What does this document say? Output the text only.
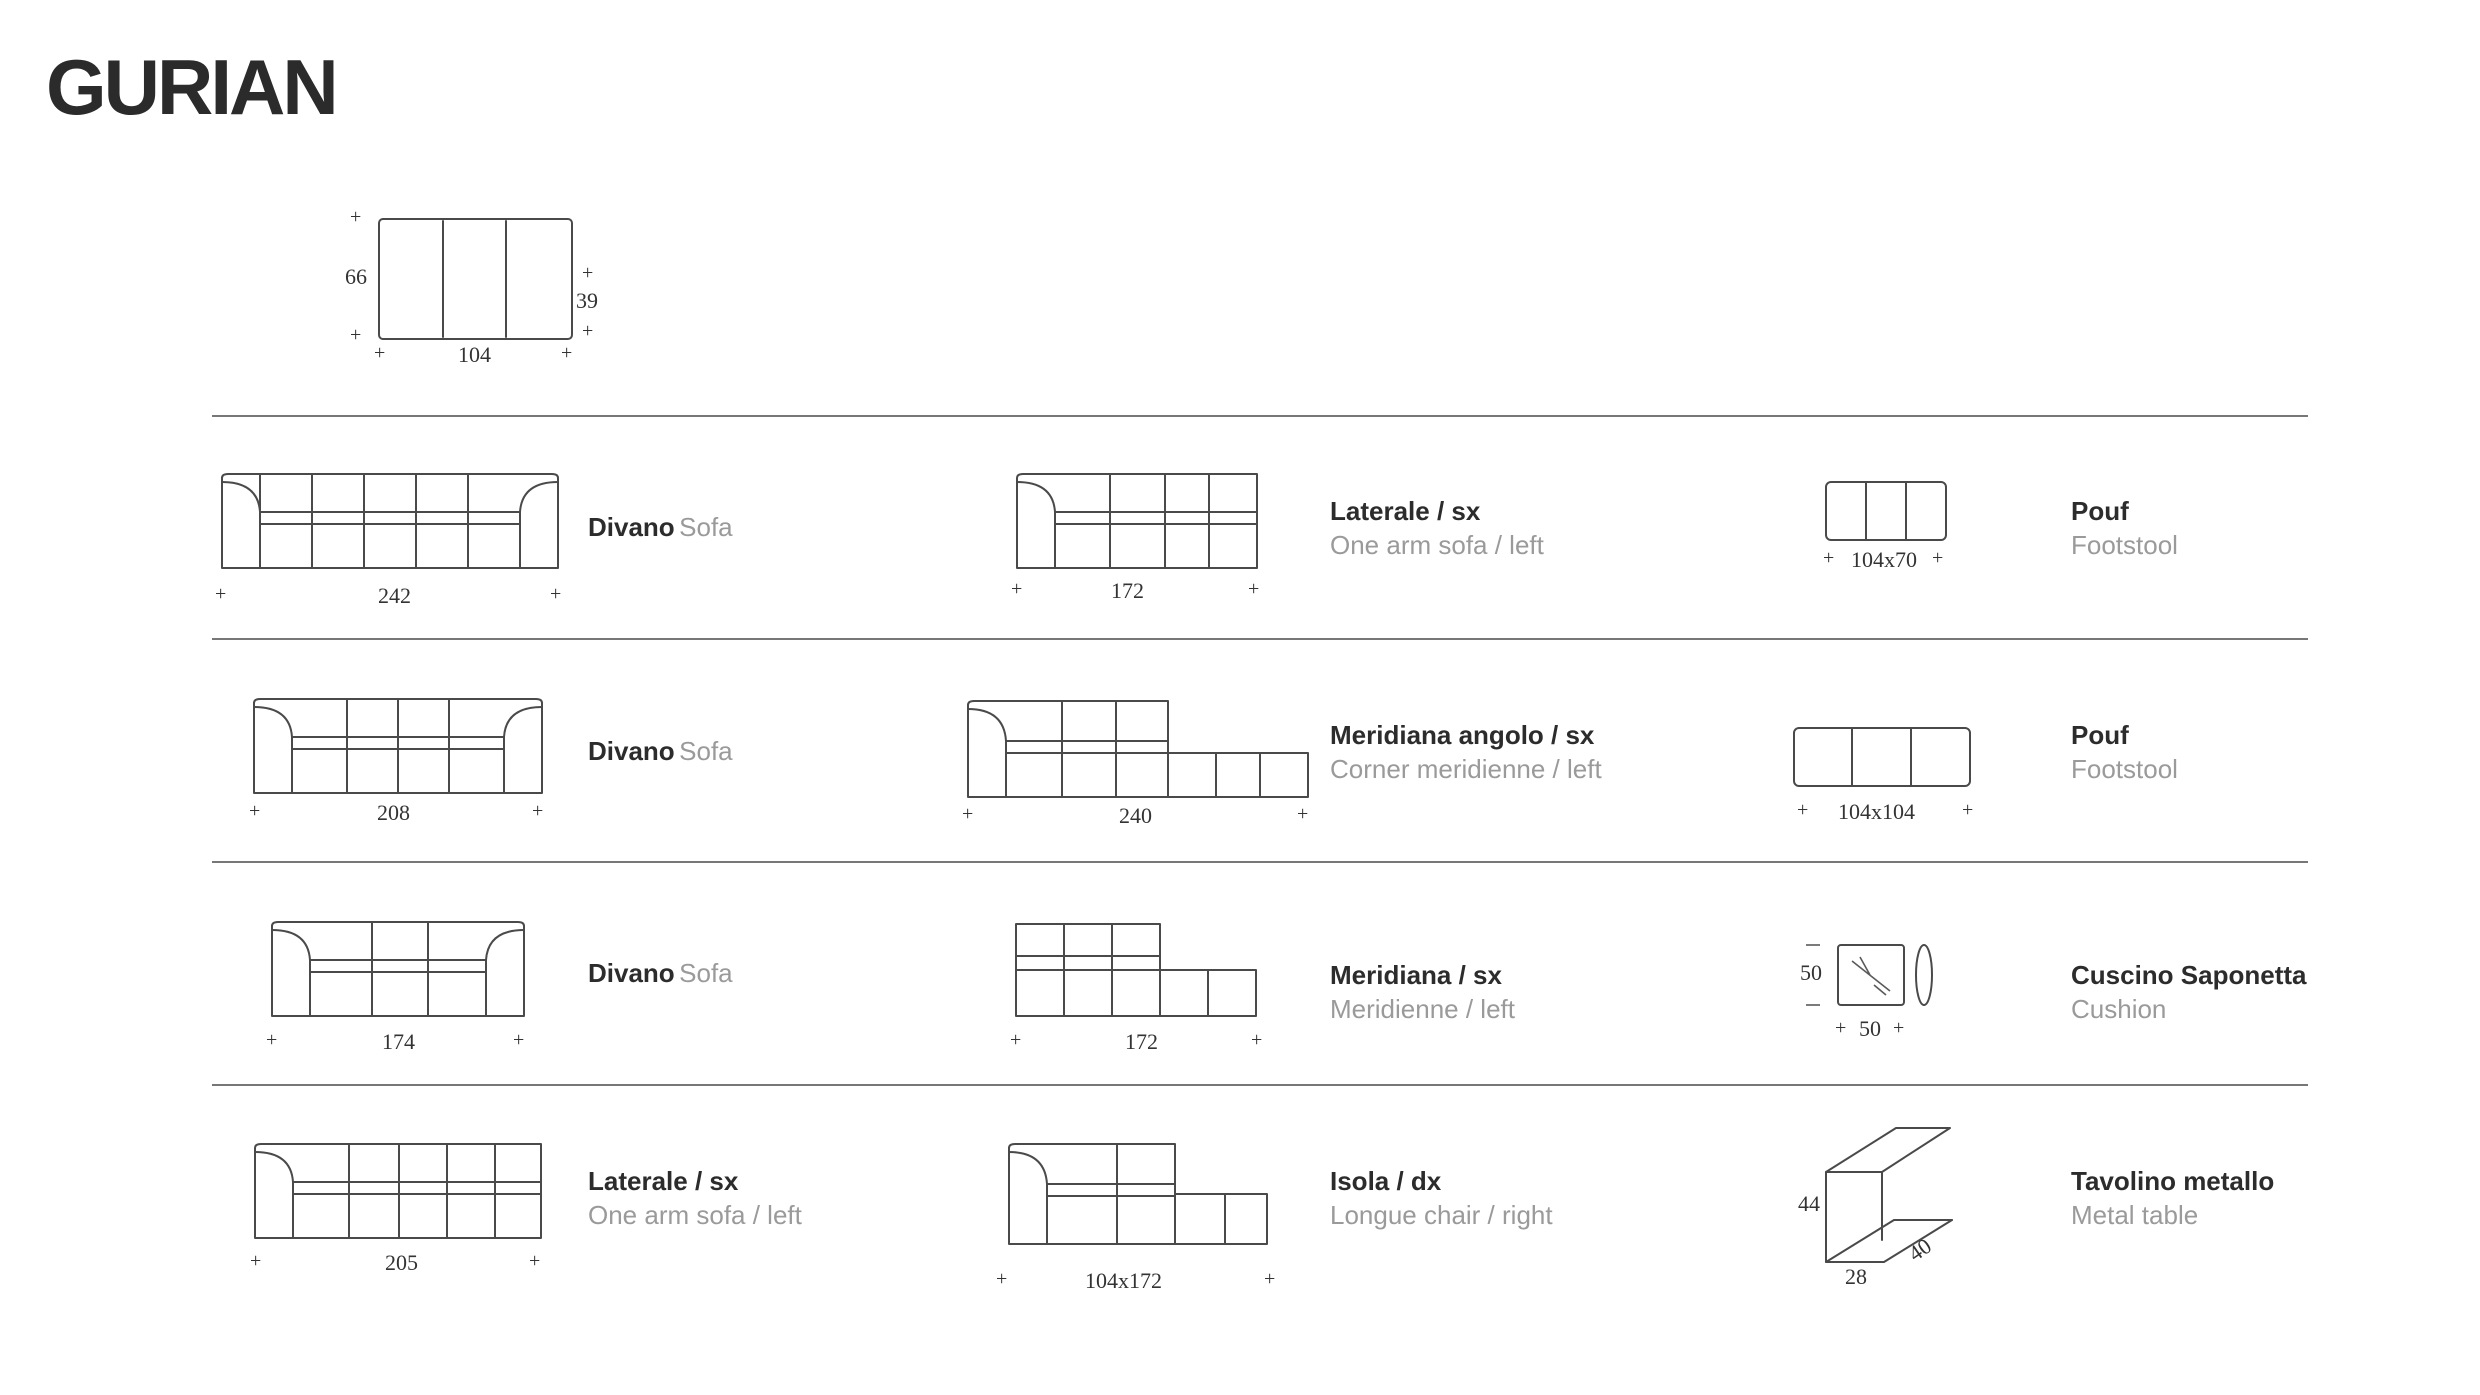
GURIAN
+
66
+
+
39
+
+	104	+
+	242	+
Divano Sofa
+	172	+
Laterale / sx
One arm sofa / left	+ 104x70 +
Pouf
Footstool
+	208	+
Divano Sofa
+	240	+
Meridiana angolo / sx
Corner meridienne / left
+ 104x104 +
Pouf
Footstool
+	174	+
Divano Sofa
+	172	+
Meridiana / sx
Meridienne / left
50
+ 50 +
Cuscino Saponetta
Cushion
+	205	+
Laterale / sx
One arm sofa / left
+	104x172	+
Isola / dx
Longue chair / right	44
28
40
Tavolino metallo
Metal table
